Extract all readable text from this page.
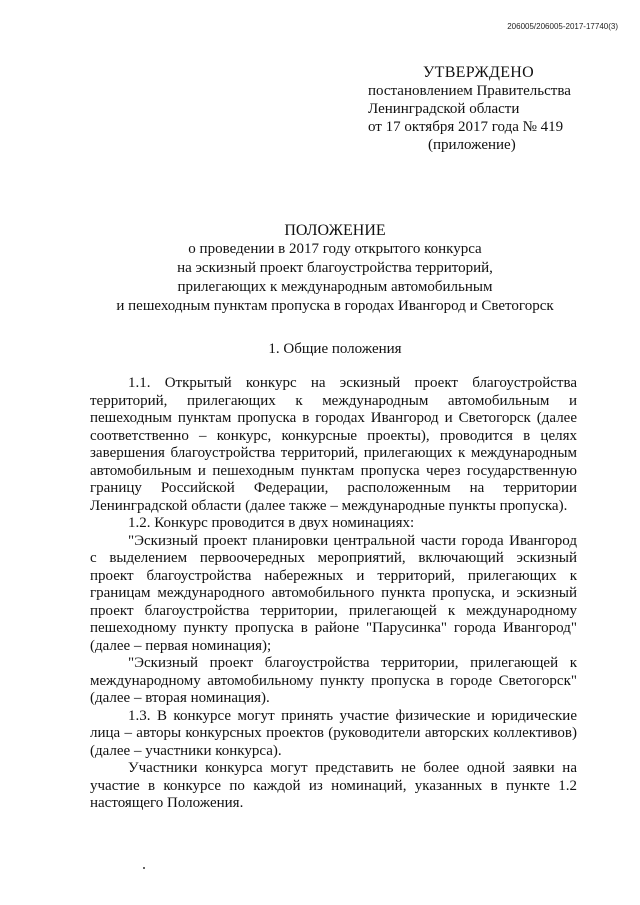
206005/206005-2017-17740(3)
УТВЕРЖДЕНО
постановлением Правительства
Ленинградской области
от 17 октября 2017 года № 419
(приложение)
ПОЛОЖЕНИЕ
о проведении в 2017 году открытого конкурса
на эскизный проект благоустройства территорий,
прилегающих к международным автомобильным
и пешеходным пунктам пропуска в городах Ивангород и Светогорск
1. Общие положения

1.1. Открытый конкурс на эскизный проект благоустройства территорий, прилегающих к международным автомобильным и пешеходным пунктам пропуска в городах Ивангород и Светогорск (далее соответственно – конкурс, конкурсные проекты), проводится в целях завершения благоустройства территорий, прилегающих к международным автомобильным и пешеходным пунктам пропуска через государственную границу Российской Федерации, расположенным на территории Ленинградской области (далее также – международные пункты пропуска).

1.2. Конкурс проводится в двух номинациях:

"Эскизный проект планировки центральной части города Ивангород с выделением первоочередных мероприятий, включающий эскизный проект благоустройства набережных и территорий, прилегающих к границам международного автомобильного пункта пропуска, и эскизный проект благоустройства территории, прилегающей к международному пешеходному пункту пропуска в районе "Парусинка" города Ивангород" (далее – первая номинация);

"Эскизный проект благоустройства территории, прилегающей к международному автомобильному пункту пропуска в городе Светогорск" (далее – вторая номинация).

1.3. В конкурсе могут принять участие физические и юридические лица – авторы конкурсных проектов (руководители авторских коллективов) (далее – участники конкурса).

Участники конкурса могут представить не более одной заявки на участие в конкурсе по каждой из номинаций, указанных в пункте 1.2 настоящего Положения.
